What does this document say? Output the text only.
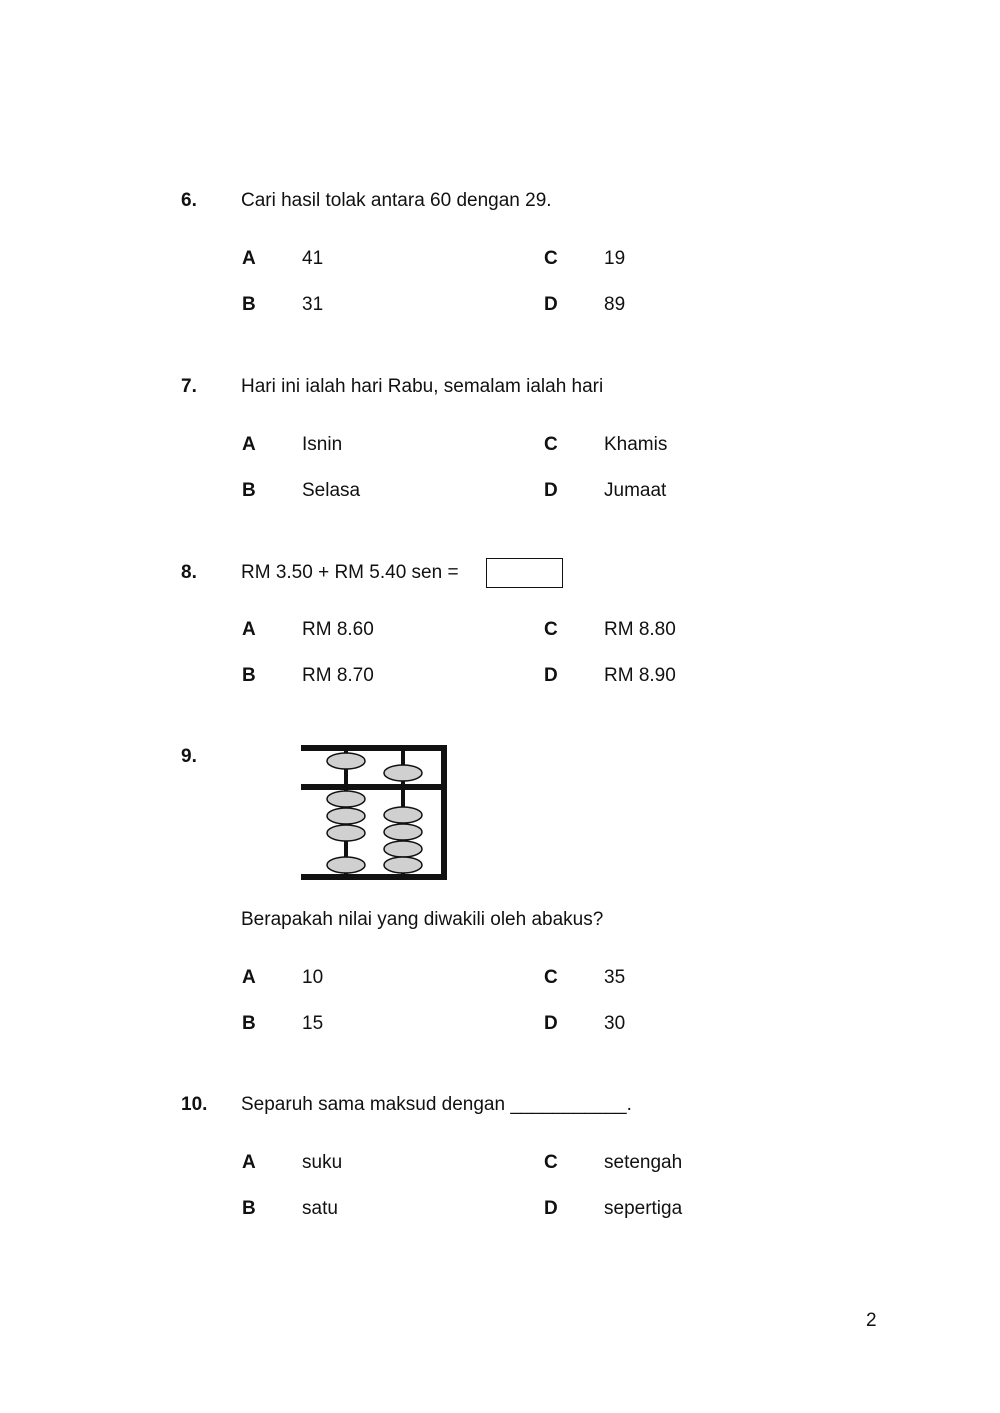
6. Cari hasil tolak antara 60 dengan 29.
A 41
B 31
C 19
D 89
7. Hari ini ialah hari Rabu, semalam ialah hari
A Isnin
B Selasa
C Khamis
D Jumaat
8. RM 3.50 + RM 5.40 sen =
A RM 8.60
B RM 8.70
C RM 8.80
D RM 8.90
9.
Berapakah nilai yang diwakili oleh abakus?
A 10
B 15
C 35
D 30
10. Separuh sama maksud dengan ___________.
A suku
B satu
C setengah
D sepertiga
2
